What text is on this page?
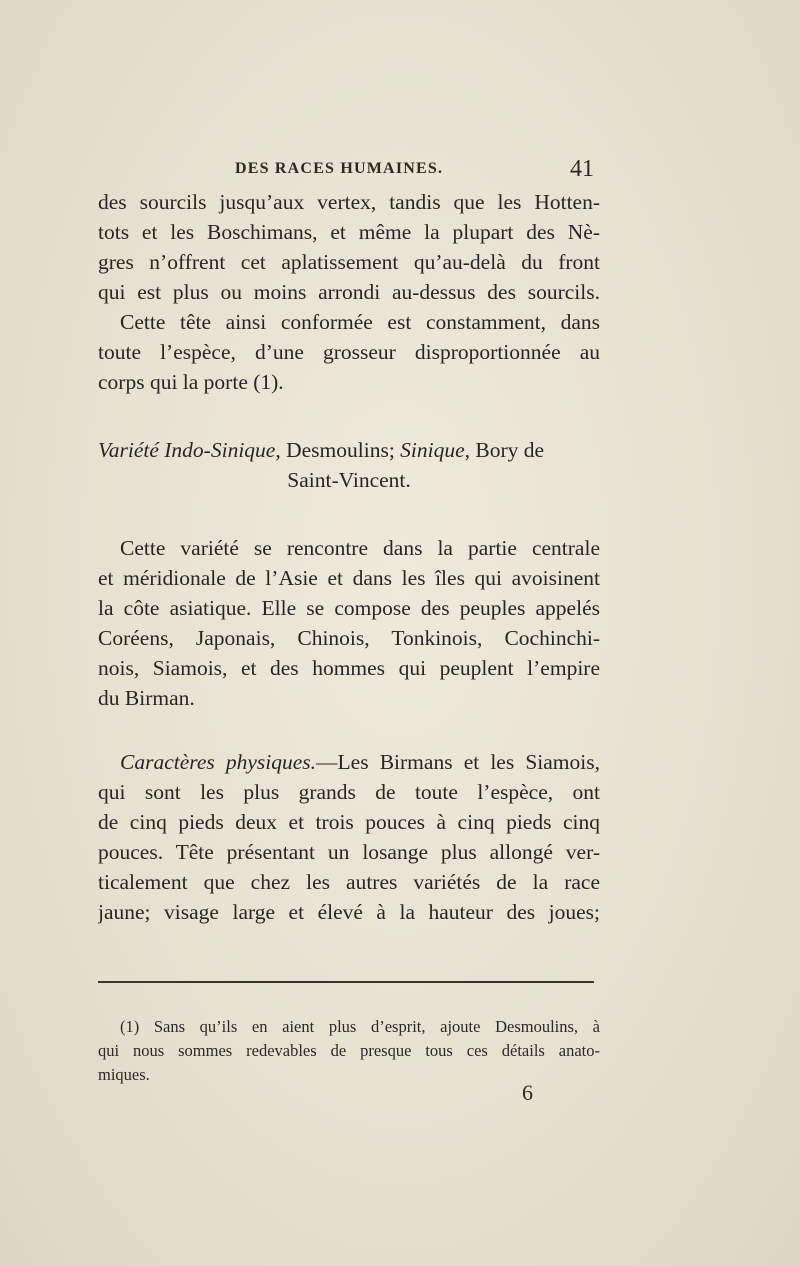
DES RACES HUMAINES.	41
des sourcils jusqu’aux vertex, tandis que les Hotten-
tots et les Boschimans, et même la plupart des Nè-
gres n’offrent cet aplatissement qu’au-delà du front
qui est plus ou moins arrondi au-dessus des sourcils.
Cette tête ainsi conformée est constamment, dans
toute l’espèce, d’une grosseur disproportionnée au
corps qui la porte (1).
Variété Indo-Sinique, Desmoulins; Sinique, Bory de
Saint-Vincent.
Cette variété se rencontre dans la partie centrale
et méridionale de l’Asie et dans les îles qui avoisinent
la côte asiatique. Elle se compose des peuples appelés
Coréens, Japonais, Chinois, Tonkinois, Cochinchi-
nois, Siamois, et des hommes qui peuplent l’empire
du Birman.
Caractères physiques.—Les Birmans et les Siamois,
qui sont les plus grands de toute l’espèce, ont
de cinq pieds deux et trois pouces à cinq pieds cinq
pouces. Tête présentant un losange plus allongé ver-
ticalement que chez les autres variétés de la race
jaune; visage large et élevé à la hauteur des joues;
(1) Sans qu’ils en aient plus d’esprit, ajoute Desmoulins, à
qui nous sommes redevables de presque tous ces détails anato-
miques.
6
